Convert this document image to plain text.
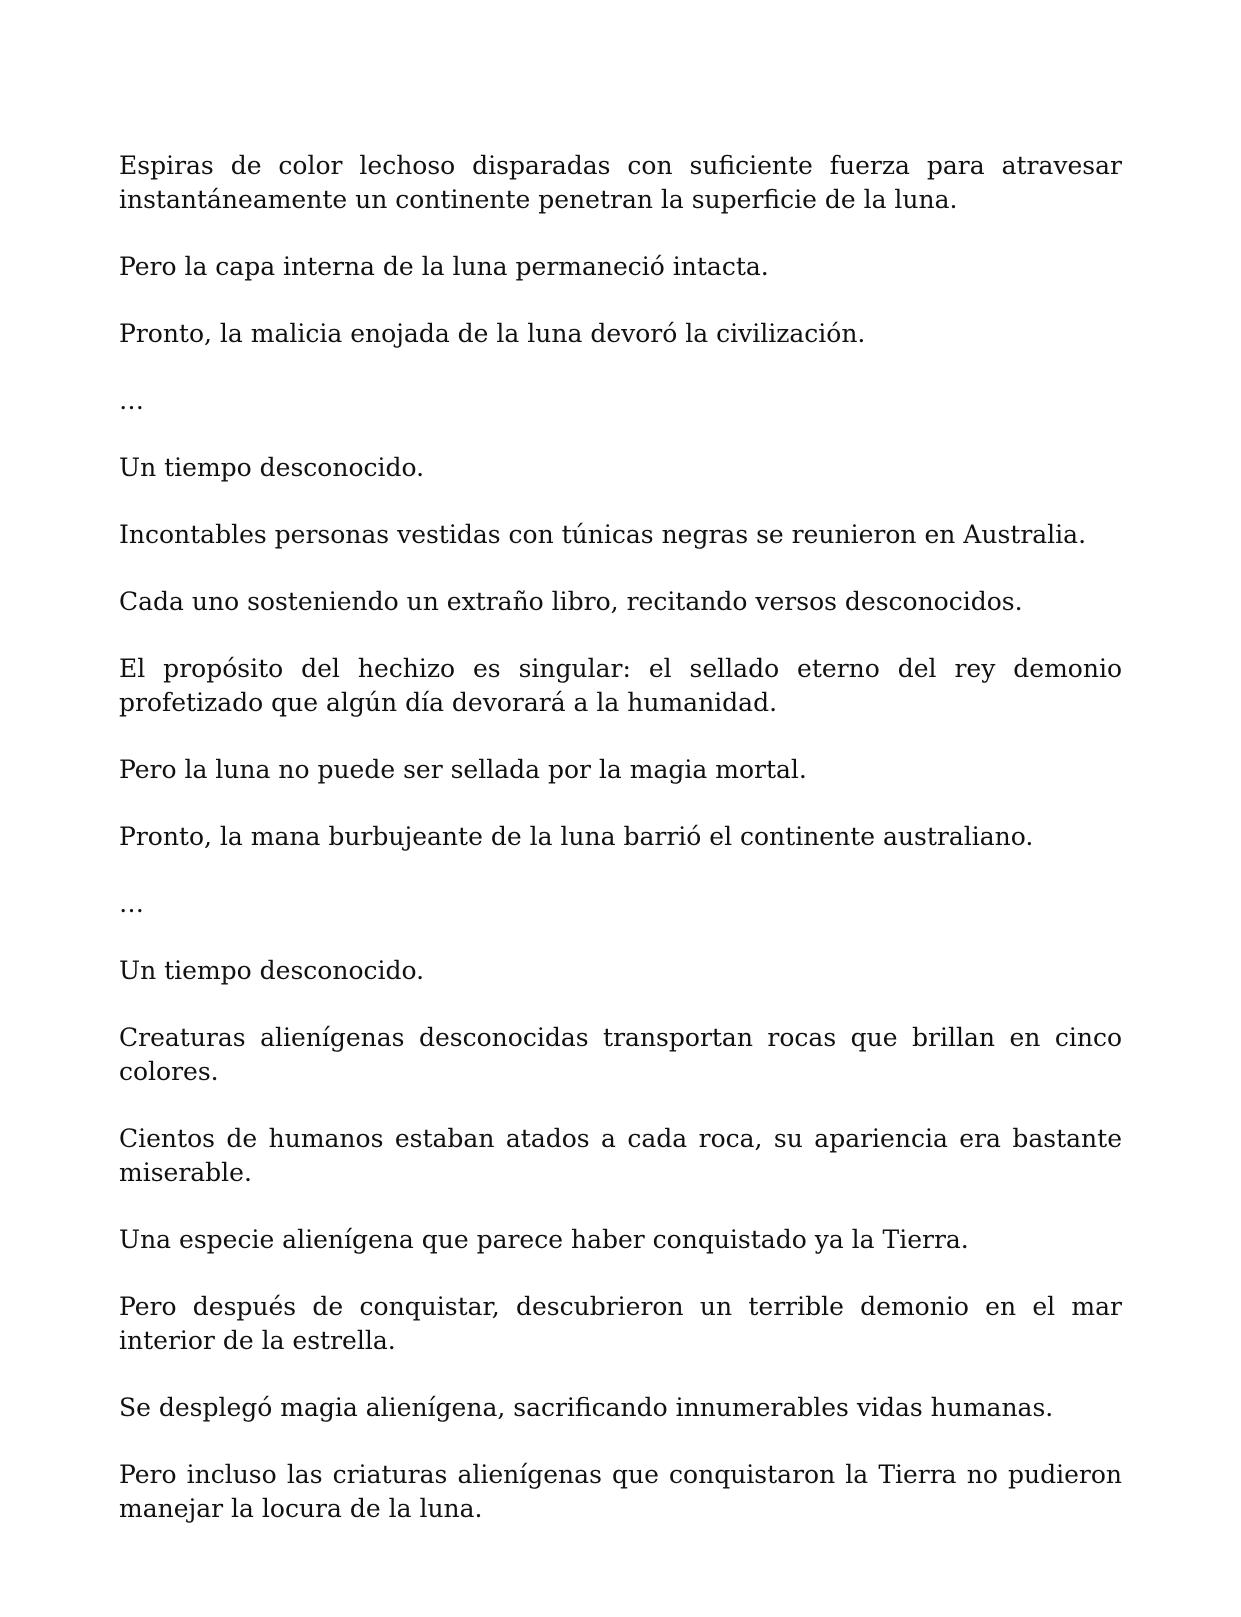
Espiras de color lechoso disparadas con suficiente fuerza para atravesar instantáneamente un continente penetran la superficie de la luna.

Pero la capa interna de la luna permaneció intacta.

Pronto, la malicia enojada de la luna devoró la civilización.

…

Un tiempo desconocido.

Incontables personas vestidas con túnicas negras se reunieron en Australia.

Cada uno sosteniendo un extraño libro, recitando versos desconocidos.

El propósito del hechizo es singular: el sellado eterno del rey demonio profetizado que algún día devorará a la humanidad.

Pero la luna no puede ser sellada por la magia mortal.

Pronto, la mana burbujeante de la luna barrió el continente australiano.

…

Un tiempo desconocido.

Creaturas alienígenas desconocidas transportan rocas que brillan en cinco colores.

Cientos de humanos estaban atados a cada roca, su apariencia era bastante miserable.

Una especie alienígena que parece haber conquistado ya la Tierra.

Pero después de conquistar, descubrieron un terrible demonio en el mar interior de la estrella.

Se desplegó magia alienígena, sacrificando innumerables vidas humanas.

Pero incluso las criaturas alienígenas que conquistaron la Tierra no pudieron manejar la locura de la luna.
